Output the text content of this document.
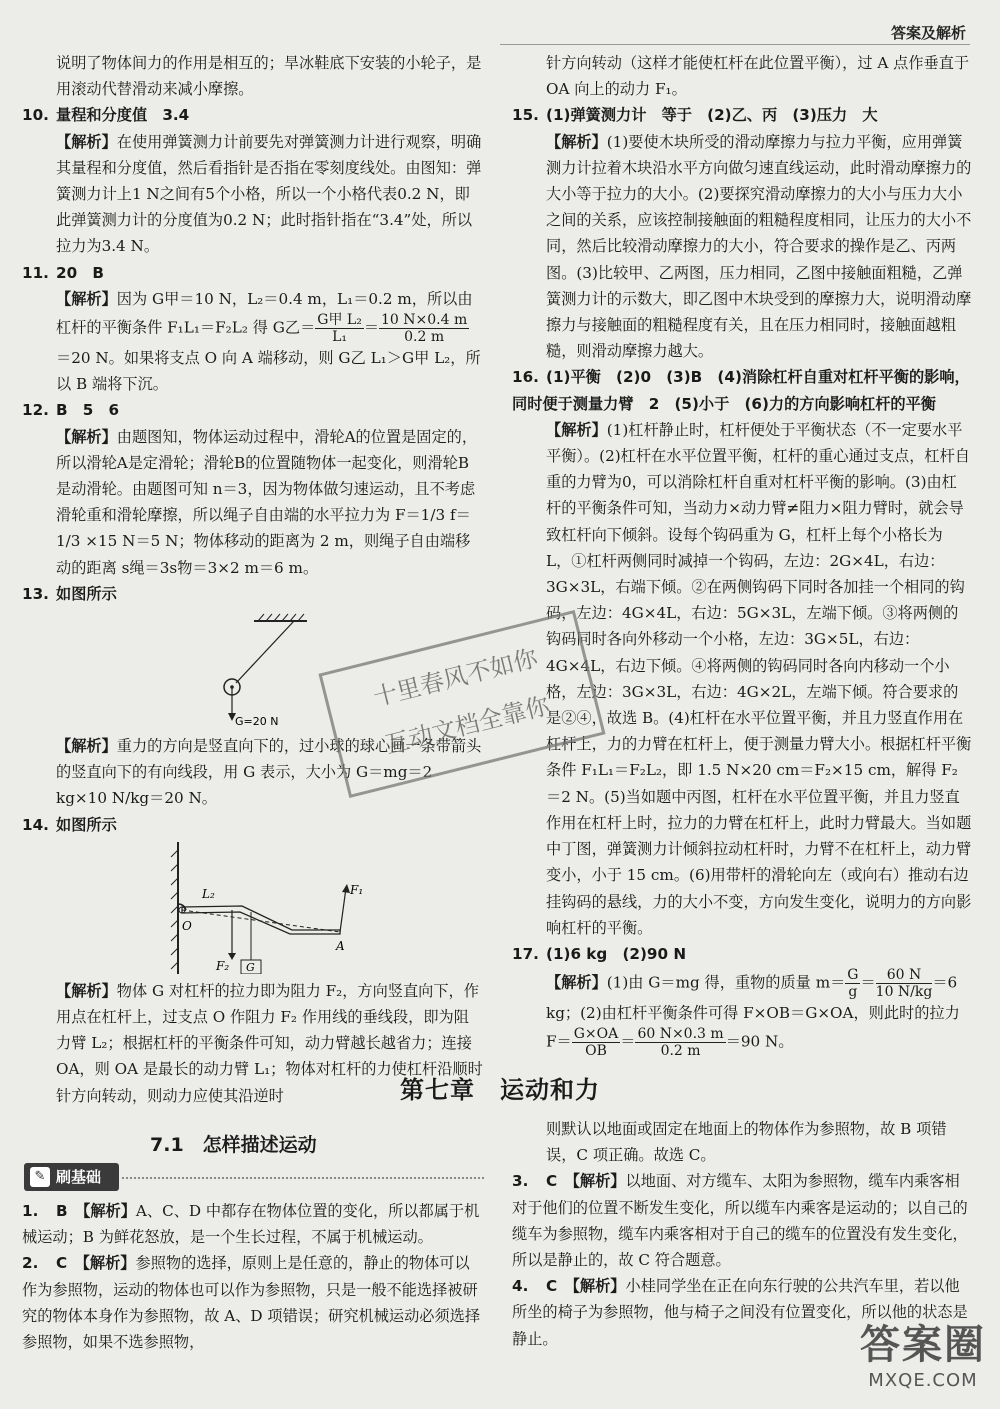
答案及解析

说明了物体间力的作用是相互的；旱冰鞋底下安装的小轮子，是用滚动代替滑动来减小摩擦。

10. 量程和分度值　3.4

【解析】在使用弹簧测力计前要先对弹簧测力计进行观察，明确其量程和分度值，然后看指针是否指在零刻度线处。由图知：弹簧测力计上1 N之间有5个小格，所以一个小格代表0.2 N，即此弹簧测力计的分度值为0.2 N；此时指针指在“3.4”处，所以拉力为3.4 N。

11. 20　B

【解析】因为 G甲＝10 N，L₂＝0.4 m，L₁＝0.2 m，所以由杠杆的平衡条件 F₁L₁＝F₂L₂ 得 G乙＝ $\frac{\text{G甲 L₂}}{\text{L₁}} = \frac{10 N\times 0.4 m}{0.2 m}$
＝20 N。如果将支点 O 向 A 端移动，则 G乙 L₁＞G甲 L₂，所以 B 端将下沉。

12. B　5　6

【解析】由题图知，物体运动过程中，滑轮A的位置是固定的，所以滑轮A是定滑轮；滑轮B的位置随物体一起变化，则滑轮B是动滑轮。由题图可知 n＝3，因为物体做匀速运动，且不考虑滑轮重和滑轮摩擦，所以绳子自由端的水平拉力为 F＝1/3 f＝1/3 ×15 N＝5 N；物体移动的距离为 2 m，则绳子自由端移动的距离 s绳＝3s物＝3×2 m＝6 m。

13. 如图所示

G=20 N

【解析】重力的方向是竖直向下的，过小球的球心画一条带箭头的竖直向下的有向线段，用 G 表示，大小为 G＝mg＝2 kg×10 N/kg＝20 N。

14. 如图所示

L₂
O
F₁
F₂ G
A

【解析】物体 G 对杠杆的拉力即为阻力 F₂，方向竖直向下，作用点在杠杆上，过支点 O 作阻力 F₂ 作用线的垂线段，即为阻力臂 L₂；根据杠杆的平衡条件可知，动力臂越长越省力；连接 OA，则 OA 是最长的动力臂 L₁；物体对杠杆的力使杠杆沿顺时针方向转动，则动力应使其沿逆时

针方向转动（这样才能使杠杆在此位置平衡），过 A 点作垂直于 OA 向上的动力 F₁。

15. (1)弹簧测力计　等于　(2)乙、丙　(3)压力　大

【解析】(1)要使木块所受的滑动摩擦力与拉力平衡，应用弹簧测力计拉着木块沿水平方向做匀速直线运动，此时滑动摩擦力的大小等于拉力的大小。(2)要探究滑动摩擦力的大小与压力大小之间的关系，应该控制接触面的粗糙程度相同，让压力的大小不同，然后比较滑动摩擦力的大小，符合要求的操作是乙、丙两图。(3)比较甲、乙两图，压力相同，乙图中接触面粗糙，乙弹簧测力计的示数大，即乙图中木块受到的摩擦力大，说明滑动摩擦力与接触面的粗糙程度有关，且在压力相同时，接触面越粗糙，则滑动摩擦力越大。

16. (1)平衡　(2)0　(3)B　(4)消除杠杆自重对杠杆平衡的影响，同时便于测量力臂　2　(5)小于　(6)力的方向影响杠杆的平衡

【解析】(1)杠杆静止时，杠杆便处于平衡状态（不一定要水平平衡）。(2)杠杆在水平位置平衡，杠杆的重心通过支点，杠杆自重的力臂为0，可以消除杠杆自重对杠杆平衡的影响。(3)由杠杆的平衡条件可知，当动力×动力臂≠阻力×阻力臂时，就会导致杠杆向下倾斜。设每个钩码重为 G，杠杆上每个小格长为 L，①杠杆两侧同时减掉一个钩码，左边：2G×4L，右边：3G×3L，右端下倾。②在两侧钩码下同时各加挂一个相同的钩码，左边：4G×4L，右边：5G×3L，左端下倾。③将两侧的钩码同时各向外移动一个小格，左边：3G×5L，右边：4G×4L，右边下倾。④将两侧的钩码同时各向内移动一个小格，左边：3G×3L，右边：4G×2L，左端下倾。符合要求的是②④，故选 B。(4)杠杆在水平位置平衡，并且力竖直作用在杠杆上，力的力臂在杠杆上，便于测量力臂大小。根据杠杆平衡条件 F₁L₁＝F₂L₂，即 1.5 N×20 cm＝F₂×15 cm，解得 F₂＝2 N。(5)当如题中丙图，杠杆在水平位置平衡，并且力竖直作用在杠杆上时，拉力的力臂在杠杆上，此时力臂最大。当如题中丁图，弹簧测力计倾斜拉动杠杆时，力臂不在杠杆上，动力臂变小，小于 15 cm。(6)用带杆的滑轮向左（或向右）推动右边挂钩码的悬线，力的大小不变，方向发生变化，说明力的方向影响杠杆的平衡。

17. (1)6 kg　(2)90 N

【解析】(1)由 G＝mg 得，重物的质量 $m= \frac{G}{g} = \frac{60 N}{10 N/kg} =6$ kg；(2)由杠杆平衡条件可得 F×OB＝G×OA，则此时的拉力 $F= \frac{G\times OA}{OB} = \frac{60 N\times 0.3 m}{0.2 m} =90$ N。

第七章　运动和力
7.1　怎样描述运动
✎ 刷基础

1. B　 【解析】A、C、D 中都存在物体位置的变化，所以都属于机械运动；B 为鲜花怒放，是一个生长过程，不属于机械运动。

2. C　 【解析】参照物的选择，原则上是任意的，静止的物体可以作为参照物，运动的物体也可以作为参照物，只是一般不能选择被研究的物体本身作为参照物，故 A、D 项错误；研究机械运动必须选择参照物，如果不选参照物，

则默认以地面或固定在地面上的物体作为参照物，故 B 项错误，C 项正确。故选 C。

3. C　 【解析】以地面、对方缆车、太阳为参照物，缆车内乘客相对于他们的位置不断发生变化，所以缆车内乘客是运动的；以自己的缆车为参照物，缆车内乘客相对于自己的缆车的位置没有发生变化，所以是静止的，故 C 符合题意。

4. C　 【解析】小桂同学坐在正在向东行驶的公共汽车里，若以他所坐的椅子为参照物，他与椅子之间没有位置变化，所以他的状态是静止。

十里春风不如你
互动文档全靠你
答案圈
MXQE.COM
